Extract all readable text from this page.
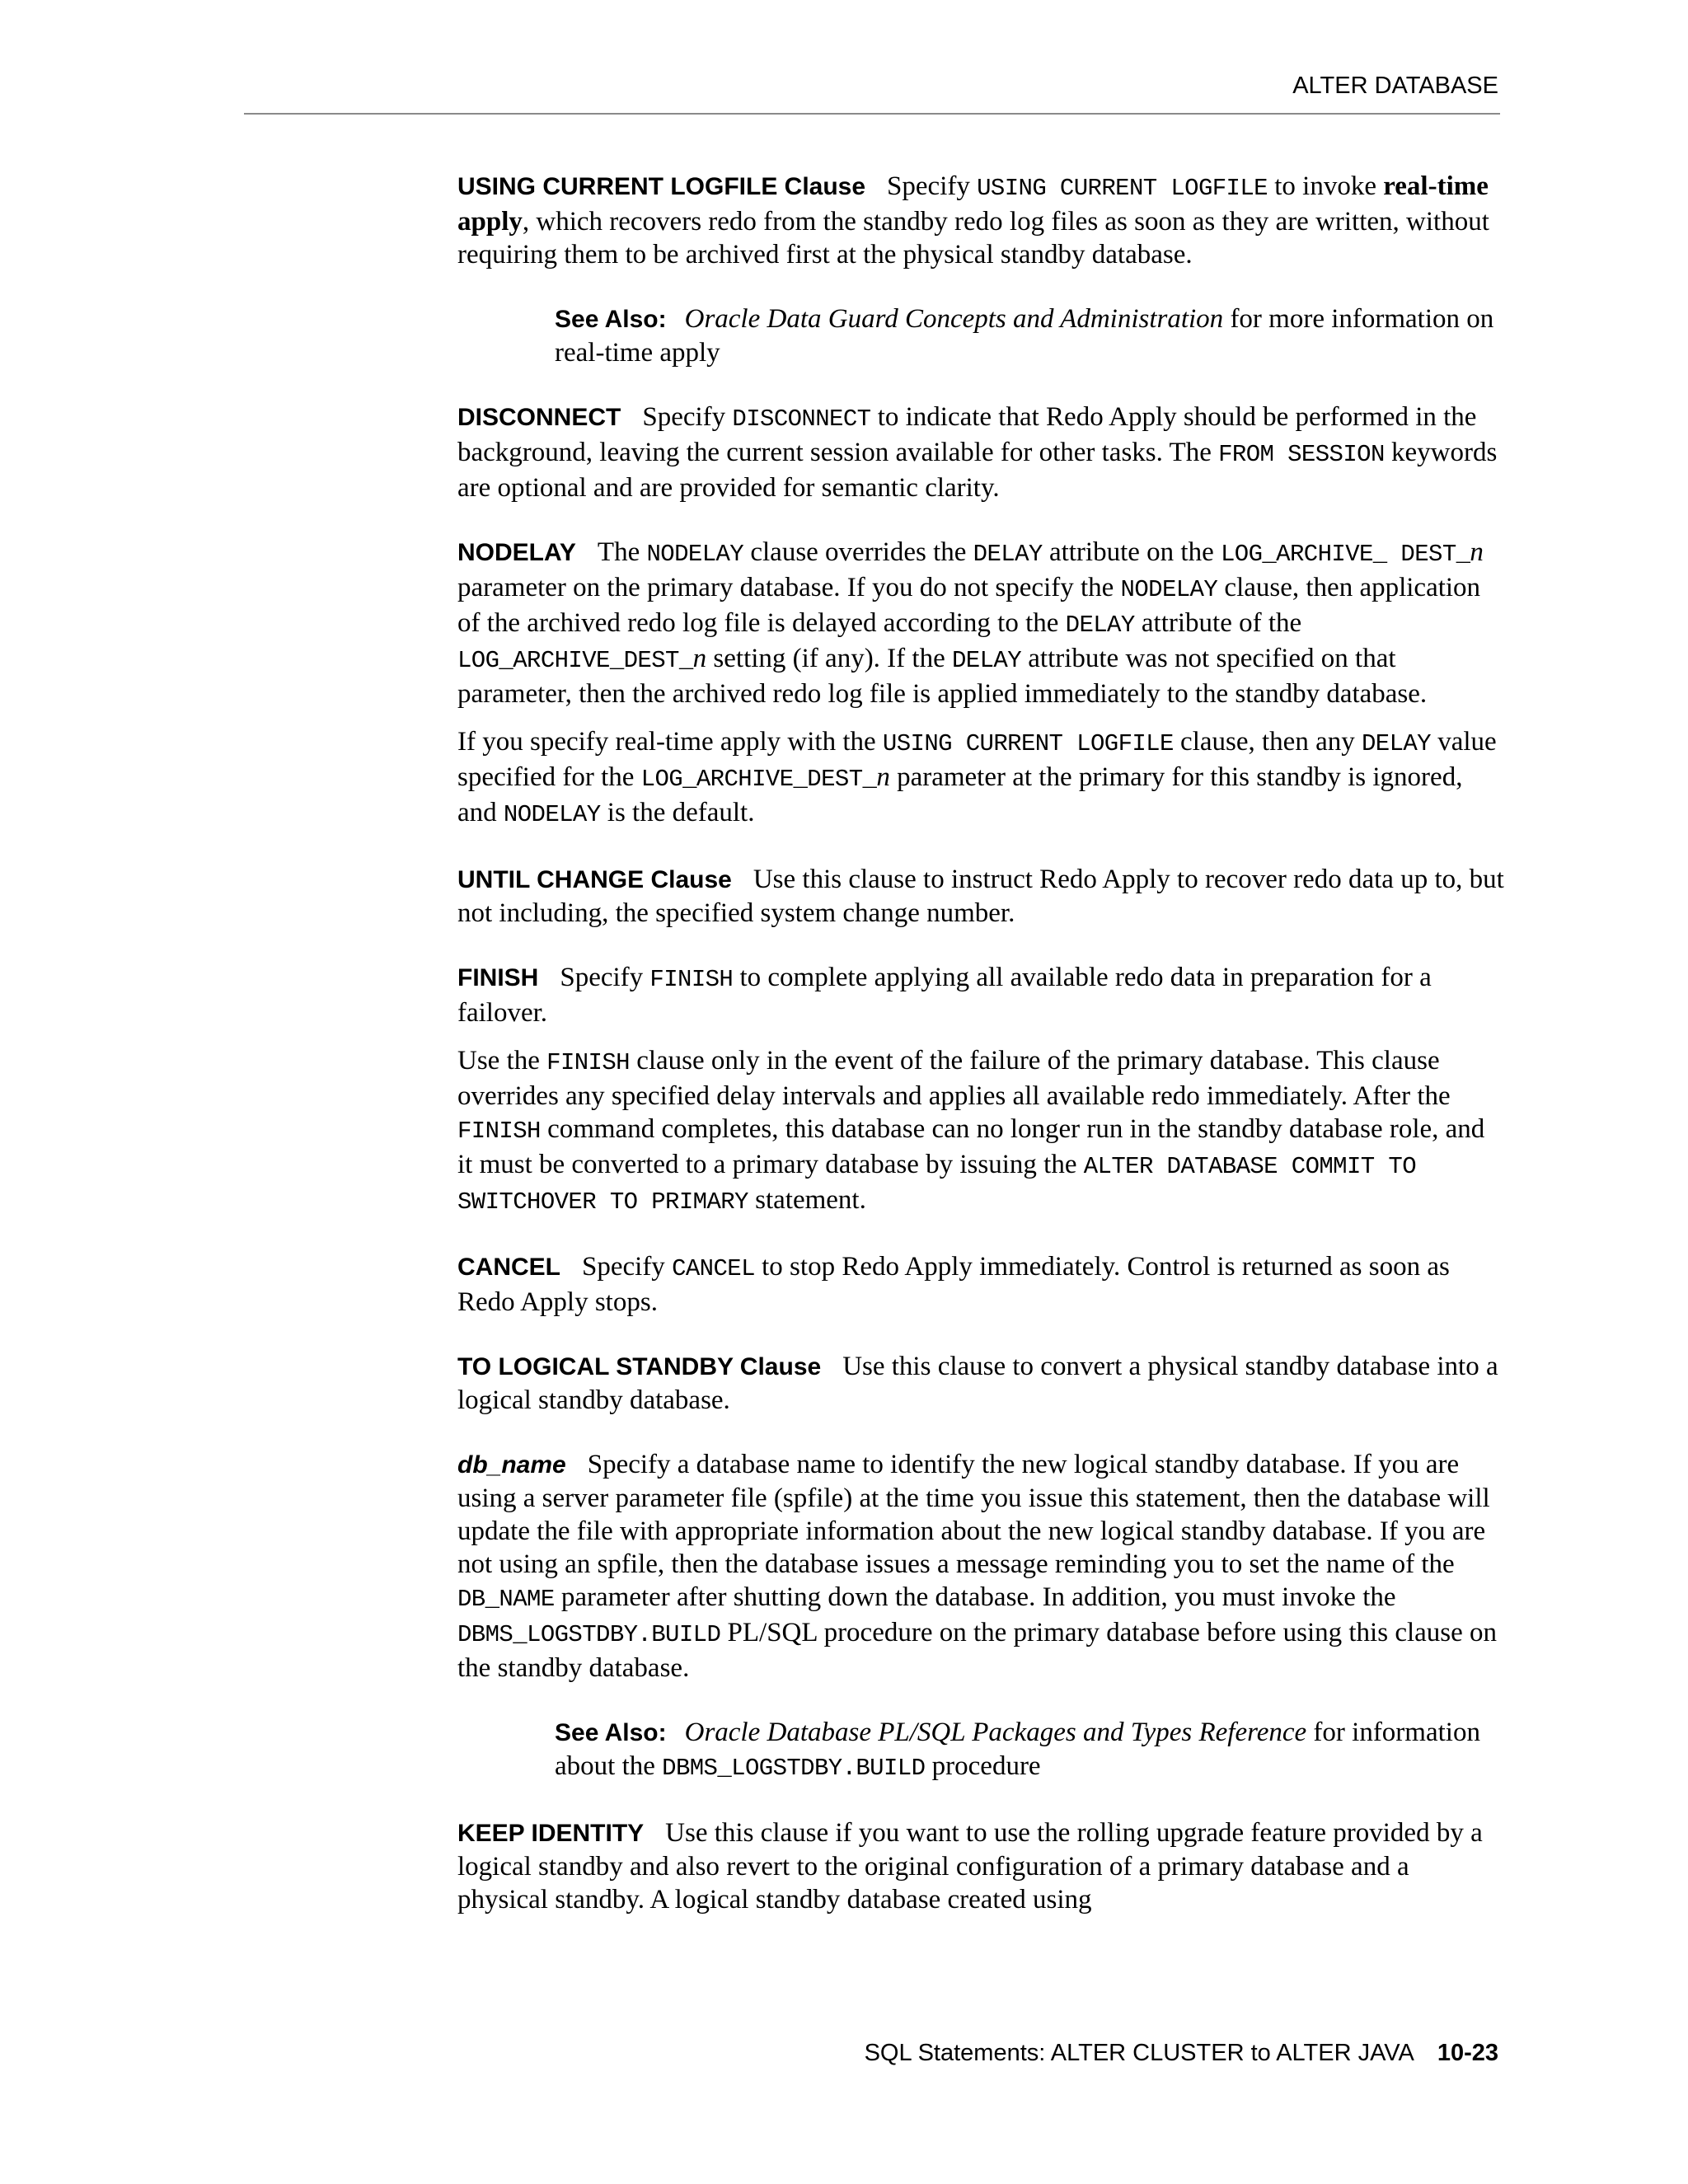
ALTER DATABASE

USING CURRENT LOGFILE Clause Specify USING CURRENT LOGFILE to invoke real-time apply, which recovers redo from the standby redo log files as soon as they are written, without requiring them to be archived first at the physical standby database.

See Also: Oracle Data Guard Concepts and Administration for more information on real-time apply

DISCONNECT Specify DISCONNECT to indicate that Redo Apply should be performed in the background, leaving the current session available for other tasks. The FROM SESSION keywords are optional and are provided for semantic clarity.

NODELAY The NODELAY clause overrides the DELAY attribute on the LOG_ARCHIVE_ DEST_n parameter on the primary database. If you do not specify the NODELAY clause, then application of the archived redo log file is delayed according to the DELAY attribute of the LOG_ARCHIVE_DEST_n setting (if any). If the DELAY attribute was not specified on that parameter, then the archived redo log file is applied immediately to the standby database.

If you specify real-time apply with the USING CURRENT LOGFILE clause, then any DELAY value specified for the LOG_ARCHIVE_DEST_n parameter at the primary for this standby is ignored, and NODELAY is the default.

UNTIL CHANGE Clause Use this clause to instruct Redo Apply to recover redo data up to, but not including, the specified system change number.

FINISH Specify FINISH to complete applying all available redo data in preparation for a failover.

Use the FINISH clause only in the event of the failure of the primary database. This clause overrides any specified delay intervals and applies all available redo immediately. After the FINISH command completes, this database can no longer run in the standby database role, and it must be converted to a primary database by issuing the ALTER DATABASE COMMIT TO SWITCHOVER TO PRIMARY statement.

CANCEL Specify CANCEL to stop Redo Apply immediately. Control is returned as soon as Redo Apply stops.

TO LOGICAL STANDBY Clause Use this clause to convert a physical standby database into a logical standby database.

db_name Specify a database name to identify the new logical standby database. If you are using a server parameter file (spfile) at the time you issue this statement, then the database will update the file with appropriate information about the new logical standby database. If you are not using an spfile, then the database issues a message reminding you to set the name of the DB_NAME parameter after shutting down the database. In addition, you must invoke the DBMS_LOGSTDBY.BUILD PL/SQL procedure on the primary database before using this clause on the standby database.

See Also: Oracle Database PL/SQL Packages and Types Reference for information about the DBMS_LOGSTDBY.BUILD procedure

KEEP IDENTITY Use this clause if you want to use the rolling upgrade feature provided by a logical standby and also revert to the original configuration of a primary database and a physical standby. A logical standby database created using

SQL Statements: ALTER CLUSTER to ALTER JAVA 10-23
